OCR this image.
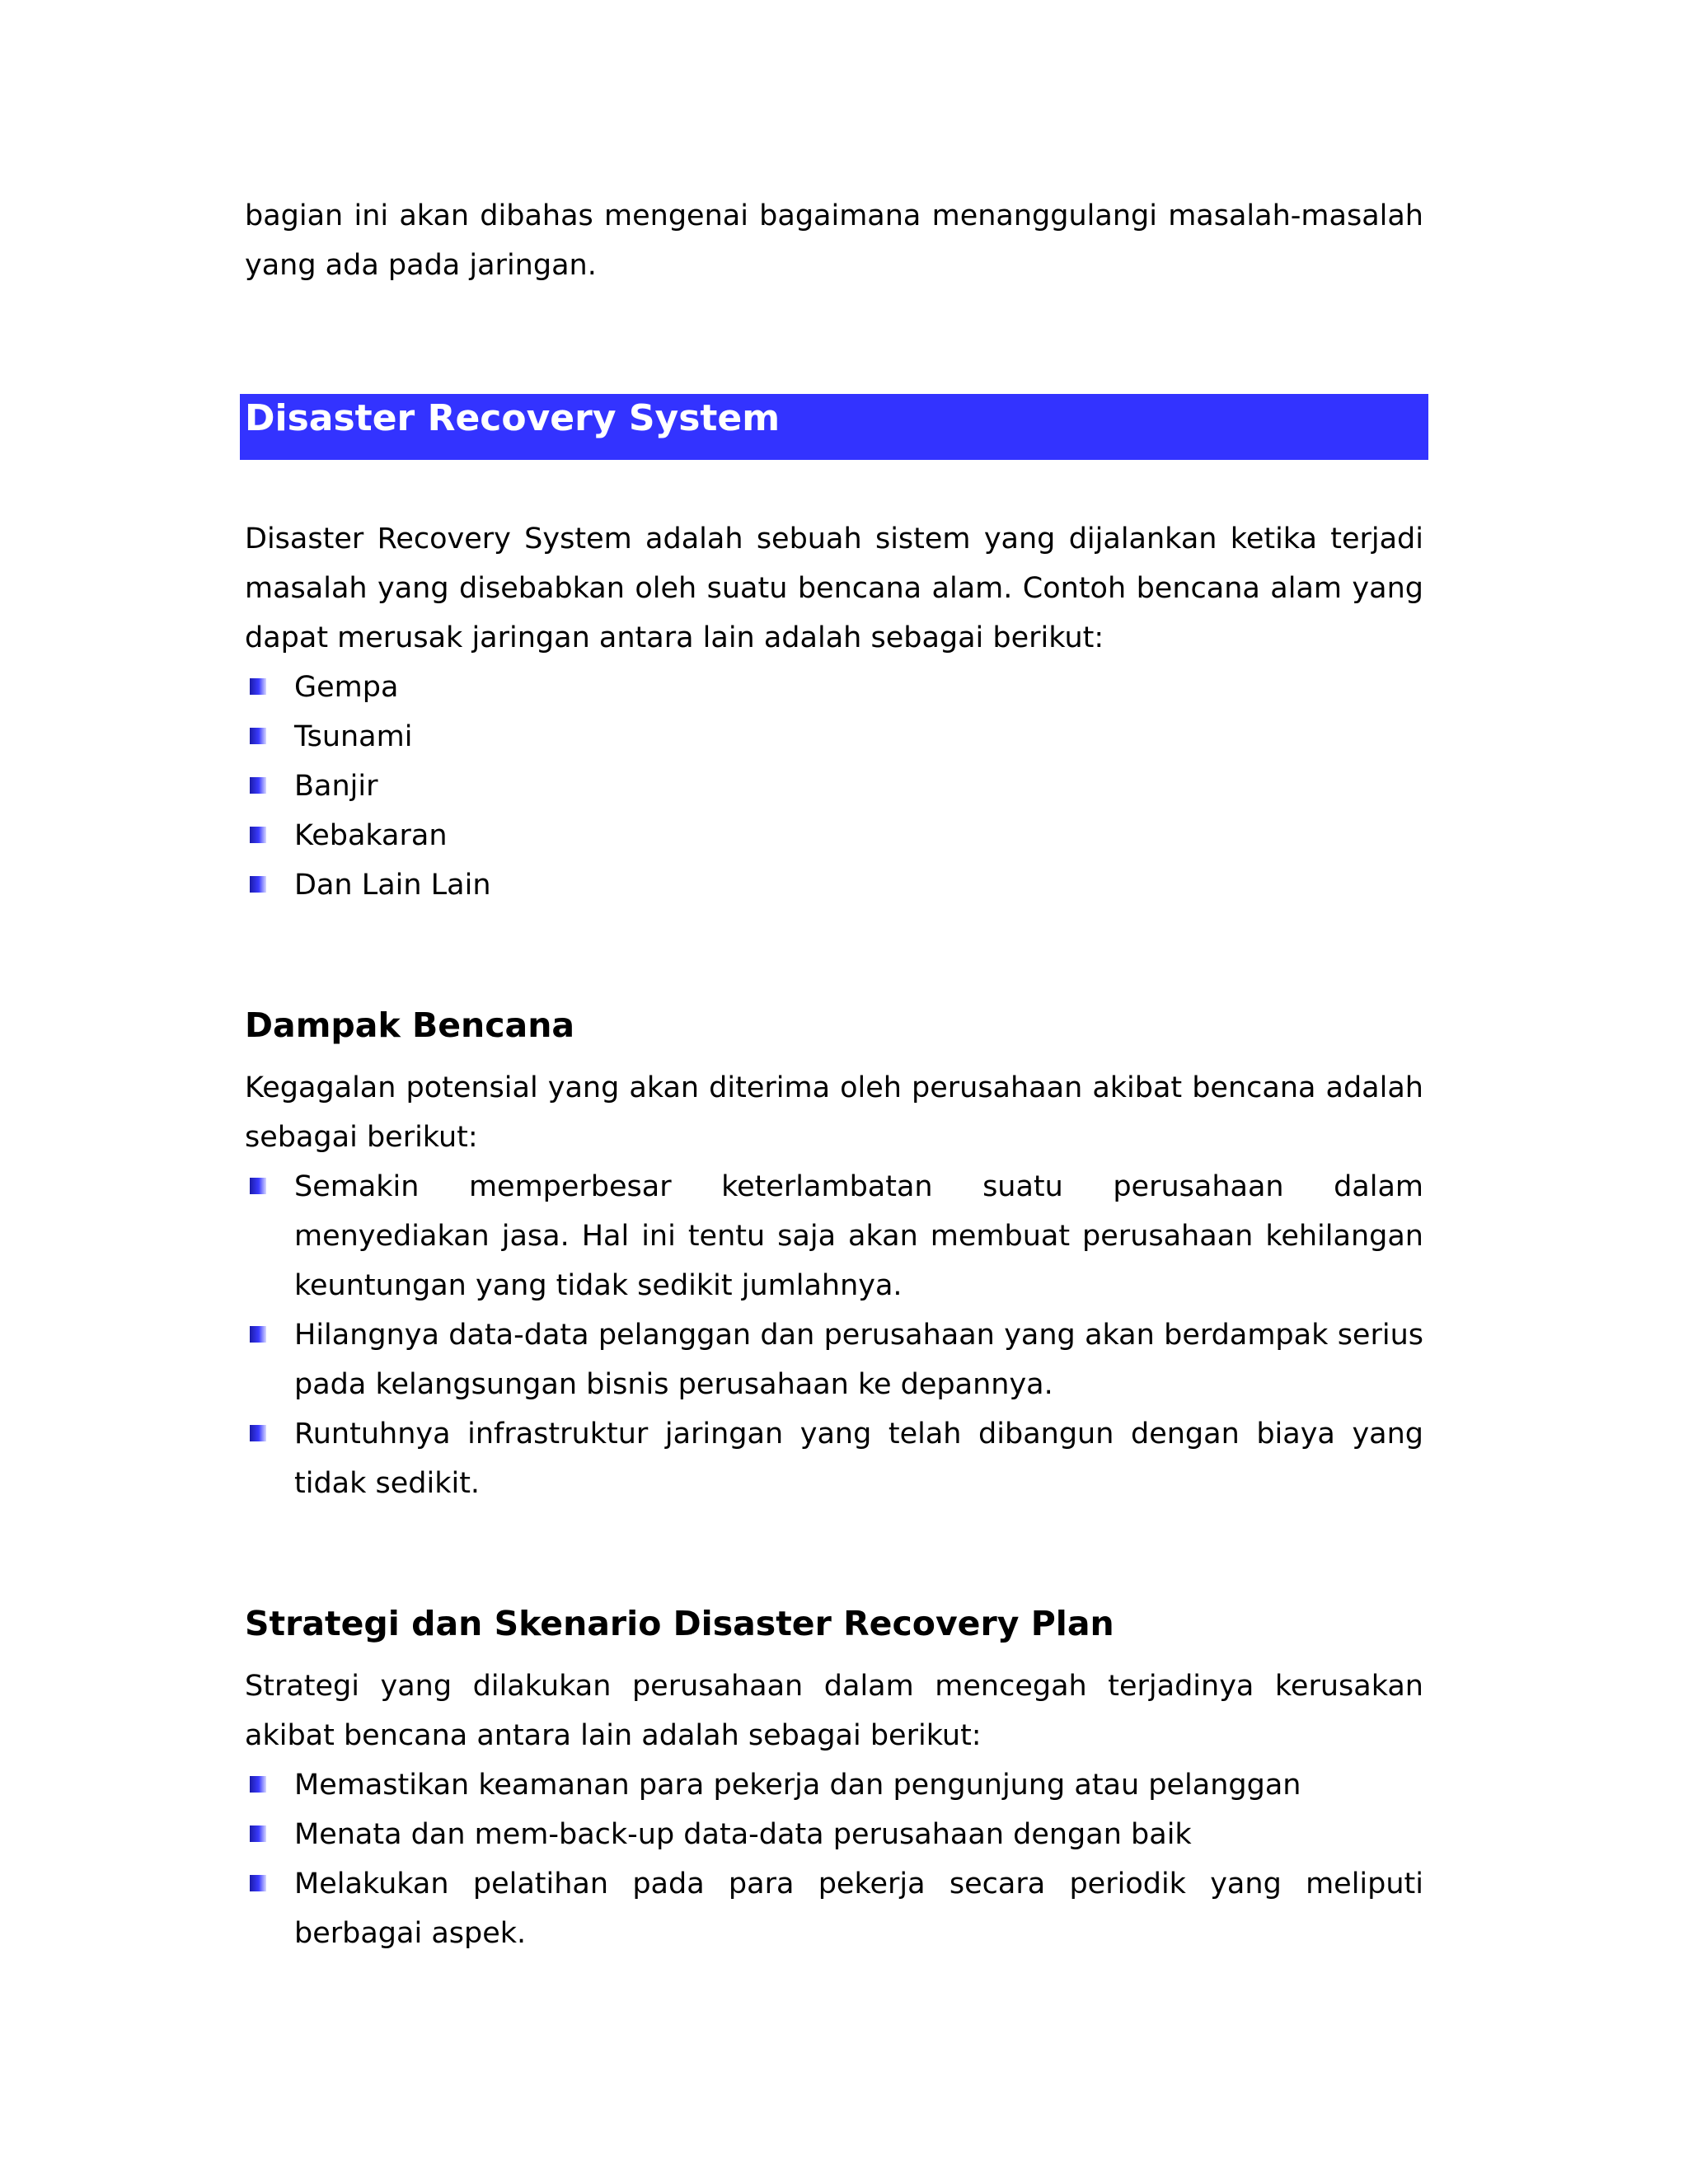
bagian ini akan dibahas mengenai bagaimana menanggulangi masalah-masalah yang ada pada jaringan.

Disaster Recovery System

Disaster Recovery System adalah sebuah sistem yang dijalankan ketika terjadi masalah yang disebabkan oleh suatu bencana alam. Contoh bencana alam yang dapat merusak jaringan antara lain adalah sebagai berikut:

Gempa
Tsunami
Banjir
Kebakaran
Dan Lain Lain
Dampak Bencana

Kegagalan potensial yang akan diterima oleh perusahaan akibat bencana adalah sebagai berikut:

Semakin memperbesar keterlambatan suatu perusahaan dalam menyediakan jasa. Hal ini tentu saja akan membuat perusahaan kehilangan keuntungan yang tidak sedikit jumlahnya.
Hilangnya data-data pelanggan dan perusahaan yang akan berdampak serius pada kelangsungan bisnis perusahaan ke depannya.
Runtuhnya infrastruktur jaringan yang telah dibangun dengan biaya yang tidak sedikit.
Strategi dan Skenario Disaster Recovery Plan

Strategi yang dilakukan perusahaan dalam mencegah terjadinya kerusakan akibat bencana antara lain adalah sebagai berikut:

Memastikan keamanan para pekerja dan pengunjung atau pelanggan
Menata dan mem-back-up data-data perusahaan dengan baik
Melakukan pelatihan pada para pekerja secara periodik yang meliputi berbagai aspek.
